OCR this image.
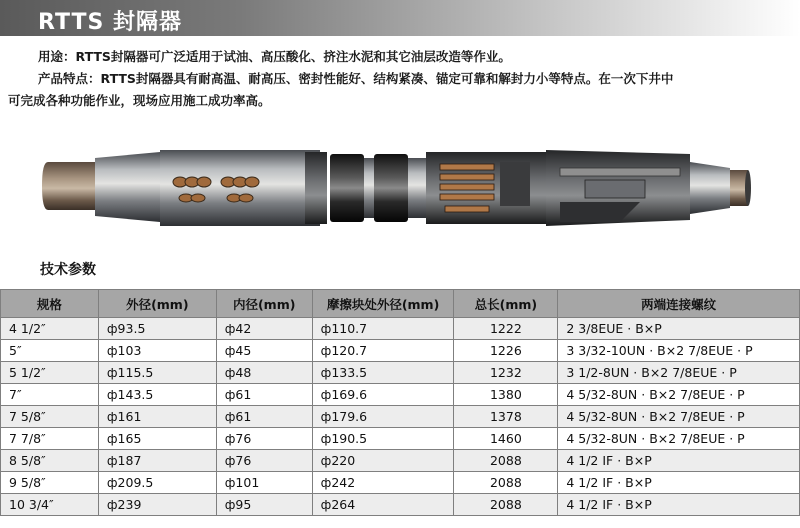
RTTS 封隔器

用途：RTTS封隔器可广泛适用于试油、高压酸化、挤注水泥和其它油层改造等作业。

产品特点：RTTS封隔器具有耐高温、耐高压、密封性能好、结构紧凑、锚定可靠和解封力小等特点。在一次下井中

可完成各种功能作业，现场应用施工成功率高。

技术参数
规格	外径(mm)	内径(mm)	摩擦块处外径(mm)	总长(mm)	两端连接螺纹
4 1/2″	ф93.5	ф42	ф110.7	1222	2 3/8EUE · B×P
5″	ф103	ф45	ф120.7	1226	3 3/32-10UN · B×2 7/8EUE · P
5 1/2″	ф115.5	ф48	ф133.5	1232	3 1/2-8UN · B×2 7/8EUE · P
7″	ф143.5	ф61	ф169.6	1380	4 5/32-8UN · B×2 7/8EUE · P
7 5/8″	ф161	ф61	ф179.6	1378	4 5/32-8UN · B×2 7/8EUE · P
7 7/8″	ф165	ф76	ф190.5	1460	4 5/32-8UN · B×2 7/8EUE · P
8 5/8″	ф187	ф76	ф220	2088	4 1/2 IF · B×P
9 5/8″	ф209.5	ф101	ф242	2088	4 1/2 IF · B×P
10 3/4″	ф239	ф95	ф264	2088	4 1/2 IF · B×P
